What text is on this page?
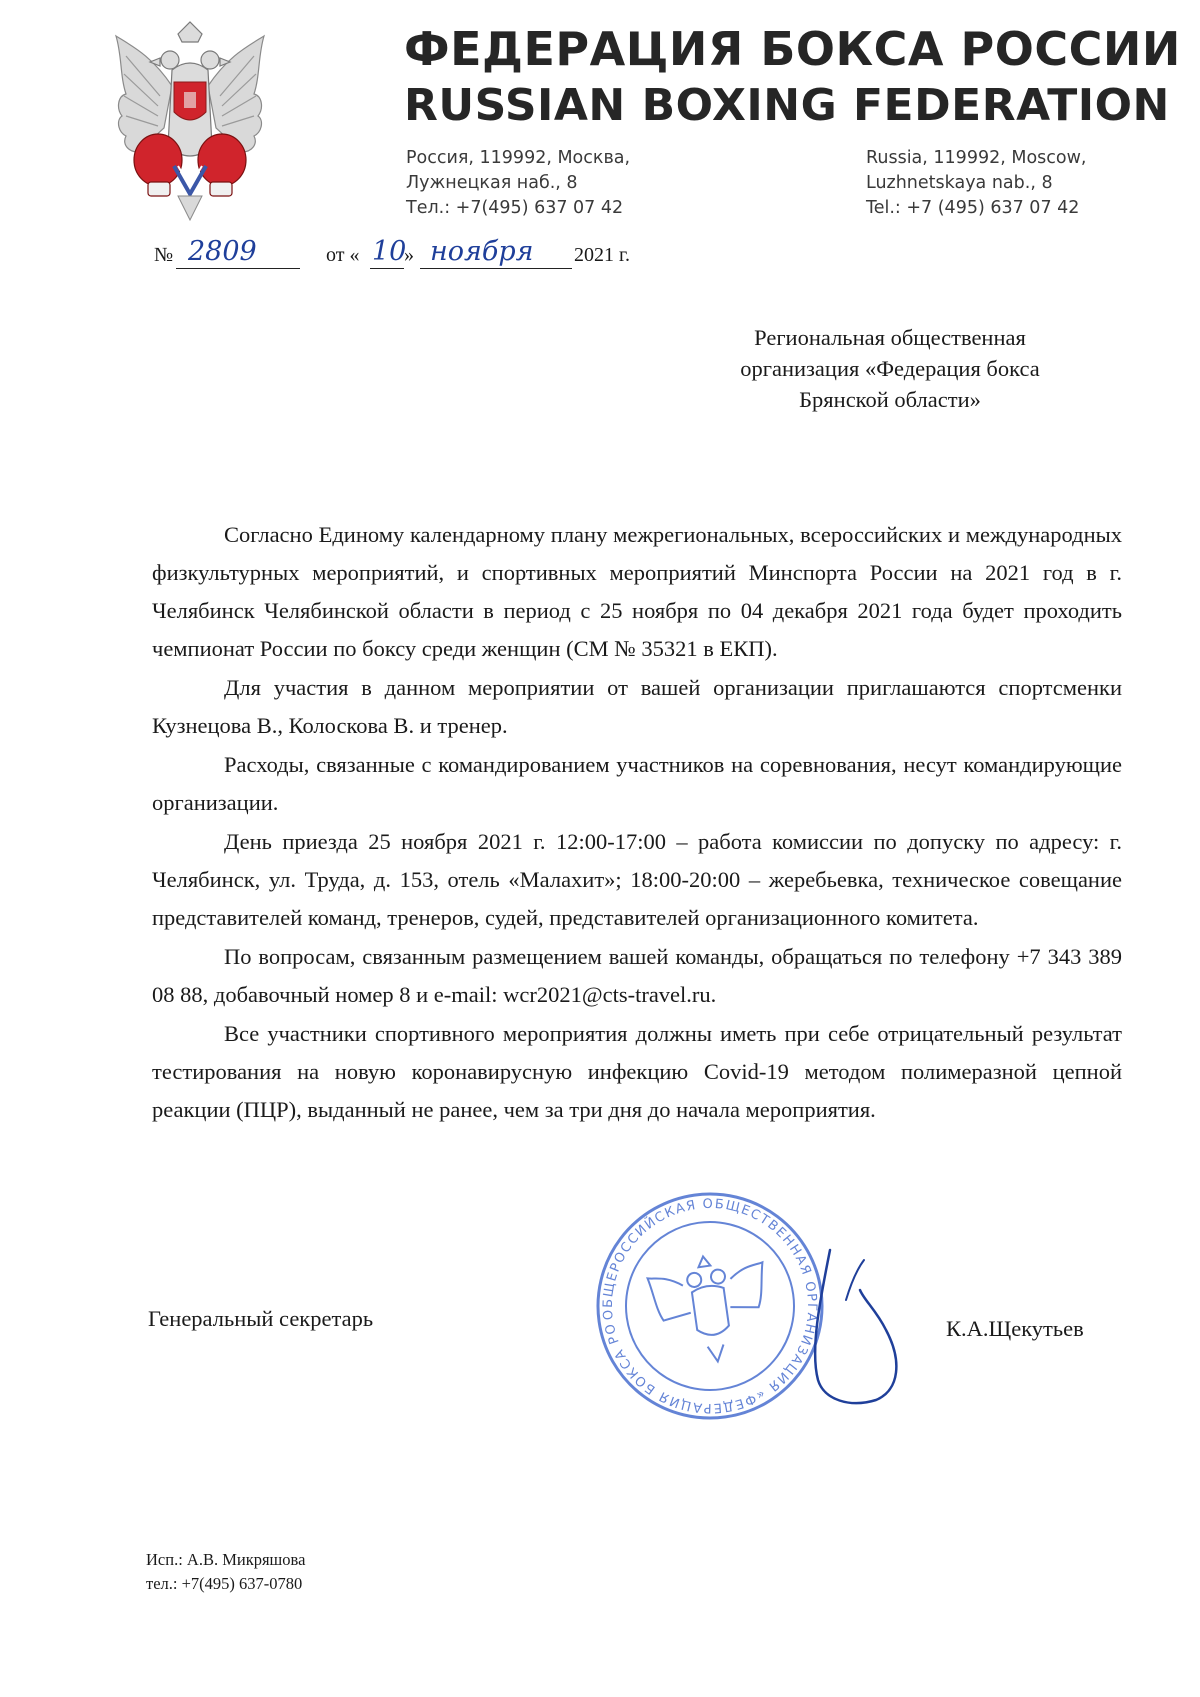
ФЕДЕРАЦИЯ БОКСА РОССИИ
RUSSIAN BOXING FEDERATION
Россия, 119992, Москва,
Лужнецкая наб., 8
Тел.: +7(495) 637 07 42
Russia, 119992, Moscow,
Luzhnetskaya nab., 8
Tel.: +7 (495) 637 07 42
№ 2809	от « 10
» ноября 2021 г.
Региональная общественная
организация «Федерация бокса
Брянской области»

Согласно Единому календарному плану межрегиональных, всероссийских и международных физкультурных мероприятий, и спортивных мероприятий Минспорта России на 2021 год в г. Челябинск Челябинской области в период с 25 ноября по 04 декабря 2021 года будет проходить чемпионат России по боксу среди женщин (СМ № 35321 в ЕКП).

Для участия в данном мероприятии от вашей организации приглашаются спортсменки Кузнецова В., Колоскова В. и тренер.

Расходы, связанные с командированием участников на соревнования, несут командирующие организации.

День приезда 25 ноября 2021 г. 12:00-17:00 – работа комиссии по допуску по адресу: г. Челябинск, ул. Труда, д. 153, отель «Малахит»; 18:00-20:00 – жеребьевка, техническое совещание представителей команд, тренеров, судей, представителей организационного комитета.

По вопросам, связанным размещением вашей команды, обращаться по телефону +7 343 389 08 88, добавочный номер 8 и e-mail: wcr2021@cts-travel.ru.

Все участники спортивного мероприятия должны иметь при себе отрицательный результат тестирования на новую коронавирусную инфекцию Covid-19 методом полимеразной цепной реакции (ПЦР), выданный не ранее, чем за три дня до начала мероприятия.

ОБЩЕРОССИЙСКАЯ ОБЩЕСТВЕННАЯ ОРГАНИЗАЦИЯ «ФЕДЕРАЦИЯ БОКСА РОССИИ» МОСКВА
Генеральный секретарь	К.А.Щекутьев
Исп.: А.В. Микряшова
тел.: +7(495) 637-0780
